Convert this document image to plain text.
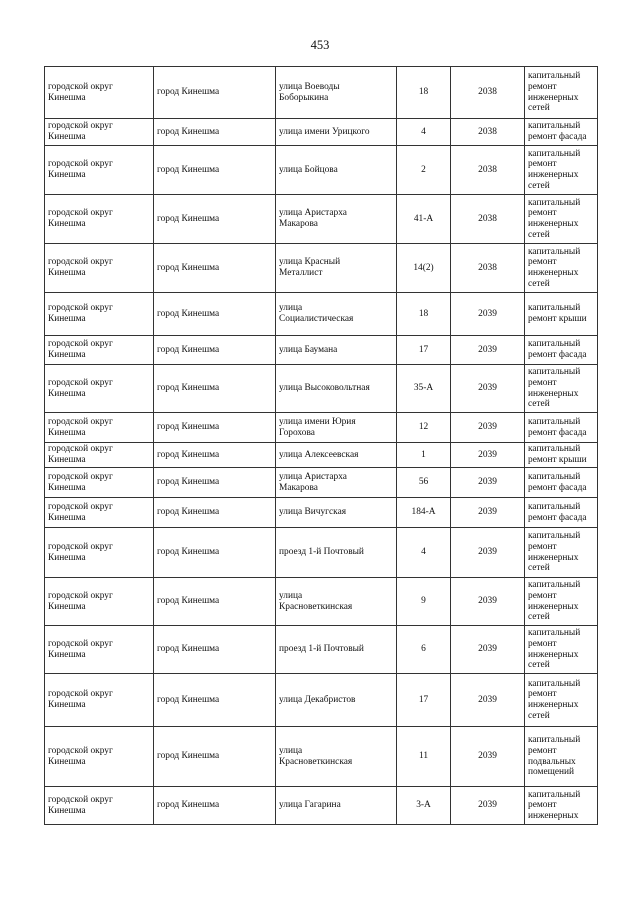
453
городской округ
Кинешма	город Кинешма	улица Воеводы
Боборыкина	18	2038	капитальный
ремонт
инженерных
сетей

городской округ
Кинешма	город Кинешма	улица имени Урицкого	4	2038	капитальный
ремонт фасада

городской округ
Кинешма	город Кинешма	улица Бойцова	2	2038	капитальный
ремонт
инженерных
сетей

городской округ
Кинешма	город Кинешма	улица Аристарха
Макарова	41-А	2038	капитальный
ремонт
инженерных
сетей

городской округ
Кинешма	город Кинешма	улица Красный
Металлист	14(2)	2038	капитальный
ремонт
инженерных
сетей

городской округ
Кинешма	город Кинешма	улица
Социалистическая	18	2039	капитальный
ремонт крыши

городской округ
Кинешма	город Кинешма	улица Баумана	17	2039	капитальный
ремонт фасада

городской округ
Кинешма	город Кинешма	улица Высоковольтная	35-А	2039	капитальный
ремонт
инженерных
сетей

городской округ
Кинешма	город Кинешма	улица имени Юрия
Горохова	12	2039	капитальный
ремонт фасада

городской округ
Кинешма	город Кинешма	улица Алексеевская	1	2039	капитальный
ремонт крыши

городской округ
Кинешма	город Кинешма	улица Аристарха
Макарова	56	2039	капитальный
ремонт фасада

городской округ
Кинешма	город Кинешма	улица Вичугская	184-А	2039	капитальный
ремонт фасада

городской округ
Кинешма	город Кинешма	проезд 1-й Почтовый	4	2039	капитальный
ремонт
инженерных
сетей

городской округ
Кинешма	город Кинешма	улица
Красноветкинская	9	2039	капитальный
ремонт
инженерных
сетей

городской округ
Кинешма	город Кинешма	проезд 1-й Почтовый	6	2039	капитальный
ремонт
инженерных
сетей

городской округ
Кинешма	город Кинешма	улица Декабристов	17	2039	капитальный
ремонт
инженерных
сетей

городской округ
Кинешма	город Кинешма	улица
Красноветкинская	11	2039	капитальный
ремонт
подвальных
помещений

городской округ
Кинешма	город Кинешма	улица Гагарина	3-А	2039	капитальный
ремонт
инженерных
